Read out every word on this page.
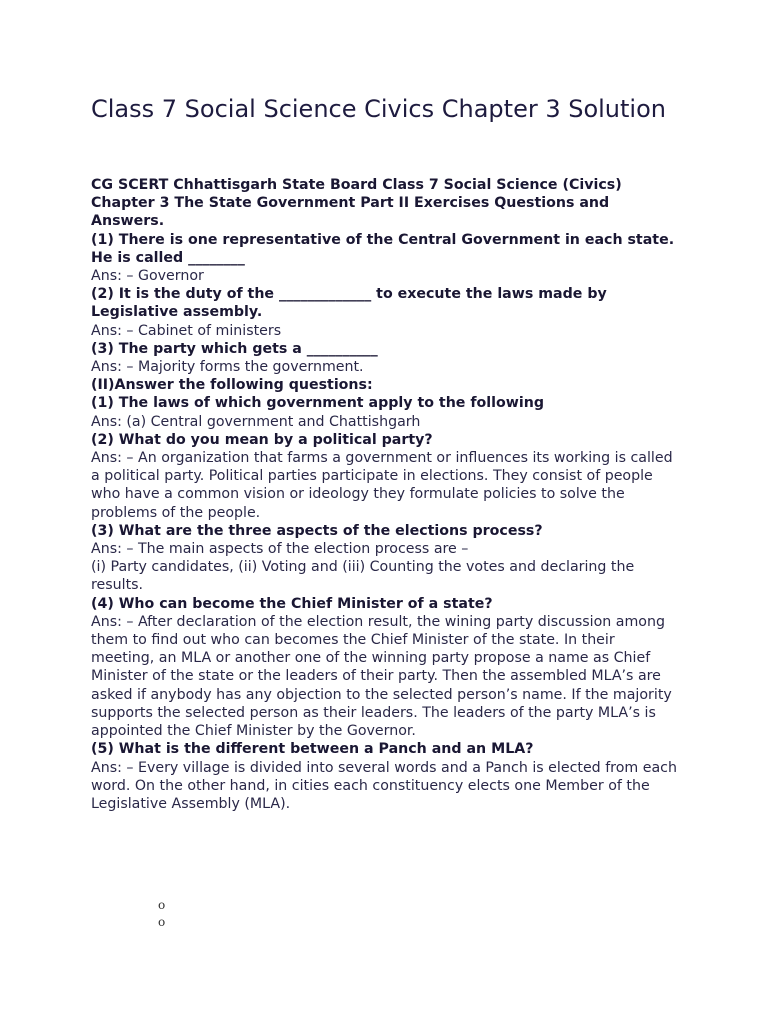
Class 7 Social Science Civics Chapter 3 Solution

CG SCERT Chhattisgarh State Board Class 7 Social Science (Civics) Chapter 3 The State Government Part II Exercises Questions and Answers.

(1) There is one representative of the Central Government in each state. He is called ________

Ans: – Governor

(2) It is the duty of the _____________ to execute the laws made by Legislative assembly.

Ans: – Cabinet of ministers

(3) The party which gets a __________

Ans: – Majority forms the government.

(II)Answer the following questions:

(1) The laws of which government apply to the following

Ans: (a) Central government and Chattishgarh

(2) What do you mean by a political party?

Ans: – An organization that farms a government or influences its working is called a political party. Political parties participate in elections. They consist of people who have a common vision or ideology they formulate policies to solve the problems of the people.

(3) What are the three aspects of the elections process?

Ans: – The main aspects of the election process are –

(i) Party candidates, (ii) Voting and (iii) Counting the votes and declaring the results.

(4) Who can become the Chief Minister of a state?

Ans: – After declaration of the election result, the wining party discussion among them to find out who can becomes the Chief Minister of the state. In their meeting, an MLA or another one of the winning party propose a name as Chief Minister of the state or the leaders of their party. Then the assembled MLA’s are asked if anybody has any objection to the selected person’s name. If the majority supports the selected person as their leaders. The leaders of the party MLA’s is appointed the Chief Minister by the Governor.

(5) What is the different between a Panch and an MLA?

Ans: – Every village is divided into several words and a Panch is elected from each word. On the other hand, in cities each constituency elects one Member of the Legislative Assembly (MLA).

o
o
